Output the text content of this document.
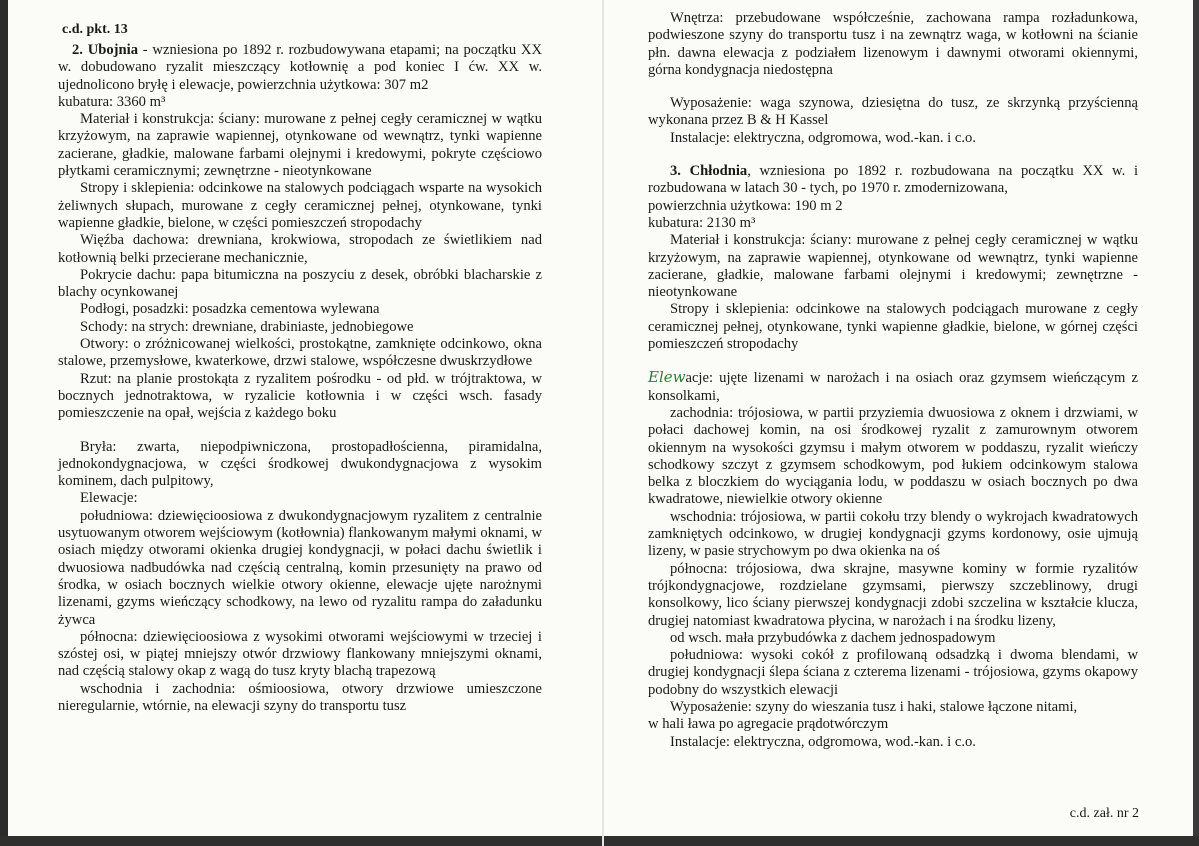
c.d. pkt. 13

2. Ubojnia - wzniesiona po 1892 r. rozbudowywana etapami; na początku XX w. dobudowano ryzalit mieszczący kotłownię a pod koniec I ćw. XX w. ujednolicono bryłę i elewacje, powierzchnia użytkowa: 307 m2

kubatura: 3360 m³

Materiał i konstrukcja: ściany: murowane z pełnej cegły ceramicznej w wątku krzyżowym, na zaprawie wapiennej, otynkowane od wewnątrz, tynki wapienne zacierane, gładkie, malowane farbami olejnymi i kredowymi, pokryte częściowo płytkami ceramicznymi; zewnętrzne - nieotynkowane

Stropy i sklepienia: odcinkowe na stalowych podciągach wsparte na wysokich żeliwnych słupach, murowane z cegły ceramicznej pełnej, otynkowane, tynki wapienne gładkie, bielone, w części pomieszczeń stropodachy

Więźba dachowa: drewniana, krokwiowa, stropodach ze świetlikiem nad kotłownią belki przecierane mechanicznie,

Pokrycie dachu: papa bitumiczna na poszyciu z desek, obróbki blacharskie z blachy ocynkowanej

Podłogi, posadzki: posadzka cementowa wylewana

Schody: na strych: drewniane, drabiniaste, jednobiegowe

Otwory: o zróżnicowanej wielkości, prostokątne, zamknięte odcinkowo, okna stalowe, przemysłowe, kwaterkowe, drzwi stalowe, współczesne dwuskrzydłowe

Rzut: na planie prostokąta z ryzalitem pośrodku - od płd. w trójtraktowa, w bocznych jednotraktowa, w ryzalicie kotłownia i w części wsch. fasady pomieszczenie na opał, wejścia z każdego boku

Bryła: zwarta, niepodpiwniczona, prostopadłościenna, piramidalna, jednokondygnacjowa, w części środkowej dwukondygnacjowa z wysokim kominem, dach pulpitowy,

Elewacje:

południowa: dziewięcioosiowa z dwukondygnacjowym ryzalitem z centralnie usytuowanym otworem wejściowym (kotłownia) flankowanym małymi oknami, w osiach między otworami okienka drugiej kondygnacji, w połaci dachu świetlik i dwuosiowa nadbudówka nad częścią centralną, komin przesunięty na prawo od środka, w osiach bocznych wielkie otwory okienne, elewacje ujęte narożnymi lizenami, gzyms wieńczący schodkowy, na lewo od ryzalitu rampa do załadunku żywca

północna: dziewięcioosiowa z wysokimi otworami wejściowymi w trzeciej i szóstej osi, w piątej mniejszy otwór drzwiowy flankowany mniejszymi oknami, nad częścią stalowy okap z wagą do tusz kryty blachą trapezową

wschodnia i zachodnia: ośmioosiowa, otwory drzwiowe umieszczone nieregularnie, wtórnie, na elewacji szyny do transportu tusz

Wnętrza: przebudowane współcześnie, zachowana rampa rozładunkowa, podwieszone szyny do transportu tusz i na zewnątrz waga, w kotłowni na ścianie płn. dawna elewacja z podziałem lizenowym i dawnymi otworami okiennymi, górna kondygnacja niedostępna

Wyposażenie: waga szynowa, dziesiętna do tusz, ze skrzynką przyścienną wykonana przez B & H Kassel

Instalacje: elektryczna, odgromowa, wod.-kan. i c.o.

3. Chłodnia, wzniesiona po 1892 r. rozbudowana na początku XX w. i rozbudowana w latach 30 - tych, po 1970 r. zmodernizowana,

powierzchnia użytkowa: 190 m 2

kubatura: 2130 m³

Materiał i konstrukcja: ściany: murowane z pełnej cegły ceramicznej w wątku krzyżowym, na zaprawie wapiennej, otynkowane od wewnątrz, tynki wapienne zacierane, gładkie, malowane farbami olejnymi i kredowymi; zewnętrzne - nieotynkowane

Stropy i sklepienia: odcinkowe na stalowych podciągach murowane z cegły ceramicznej pełnej, otynkowane, tynki wapienne gładkie, bielone, w górnej części pomieszczeń stropodachy

Elewacje: ujęte lizenami w narożach i na osiach oraz gzymsem wieńczącym z konsolkami,

zachodnia: trójosiowa, w partii przyziemia dwuosiowa z oknem i drzwiami, w połaci dachowej komin, na osi środkowej ryzalit z zamurownym otworem okiennym na wysokości gzymsu i małym otworem w poddaszu, ryzalit wieńczy schodkowy szczyt z gzymsem schodkowym, pod łukiem odcinkowym stalowa belka z bloczkiem do wyciągania lodu, w poddaszu w osiach bocznych po dwa kwadratowe, niewielkie otwory okienne

wschodnia: trójosiowa, w partii cokołu trzy blendy o wykrojach kwadratowych zamkniętych odcinkowo, w drugiej kondygnacji gzyms kordonowy, osie ujmują lizeny, w pasie strychowym po dwa okienka na oś

północna: trójosiowa, dwa skrajne, masywne kominy w formie ryzalitów trójkondygnacjowe, rozdzielane gzymsami, pierwszy szczeblinowy, drugi konsolkowy, lico ściany pierwszej kondygnacji zdobi szczelina w kształcie klucza, drugiej natomiast kwadratowa płycina, w narożach i na środku lizeny,

od wsch. mała przybudówka z dachem jednospadowym

południowa: wysoki cokół z profilowaną odsadzką i dwoma blendami, w drugiej kondygnacji ślepa ściana z czterema lizenami - trójosiowa, gzyms okapowy podobny do wszystkich elewacji

Wyposażenie: szyny do wieszania tusz i haki, stalowe łączone nitami,

w hali ława po agregacie prądotwórczym

Instalacje: elektryczna, odgromowa, wod.-kan. i c.o.

c.d. zał. nr 2
